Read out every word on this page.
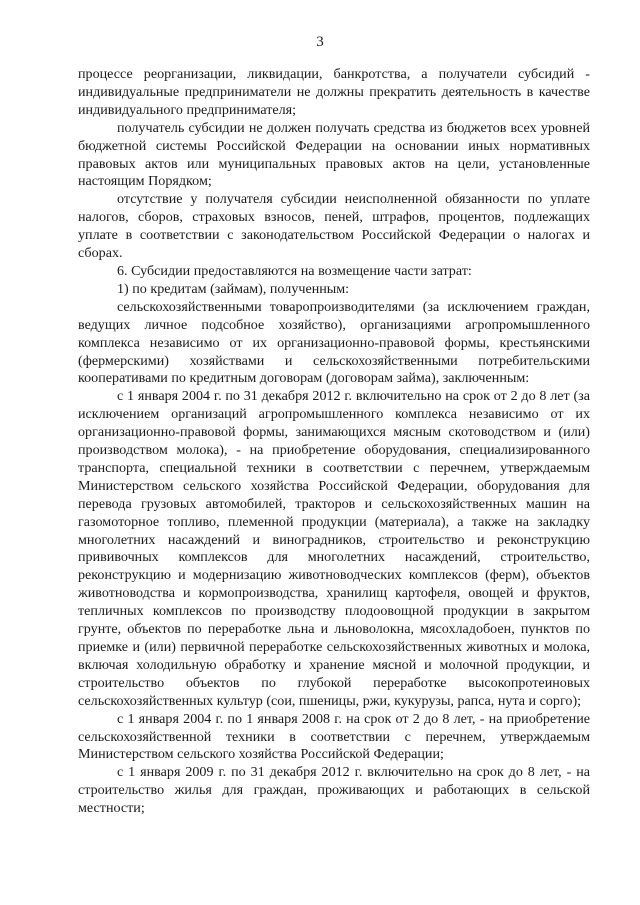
3

процессе реорганизации, ликвидации, банкротства, а получатели субсидий - индивидуальные предприниматели не должны прекратить деятельность в качестве индивидуального предпринимателя;

получатель субсидии не должен получать средства из бюджетов всех уровней бюджетной системы Российской Федерации на основании иных нормативных правовых актов или муниципальных правовых актов на цели, установленные настоящим Порядком;

отсутствие у получателя субсидии неисполненной обязанности по уплате налогов, сборов, страховых взносов, пеней, штрафов, процентов, подлежащих уплате в соответствии с законодательством Российской Федерации о налогах и сборах.

6. Субсидии предоставляются на возмещение части затрат:

1) по кредитам (займам), полученным:

сельскохозяйственными товаропроизводителями (за исключением граждан, ведущих личное подсобное хозяйство), организациями агропромышленного комплекса независимо от их организационно-правовой формы, крестьянскими (фермерскими) хозяйствами и сельскохозяйственными потребительскими кооперативами по кредитным договорам (договорам займа), заключенным:

с 1 января 2004 г. по 31 декабря 2012 г. включительно на срок от 2 до 8 лет (за исключением организаций агропромышленного комплекса независимо от их организационно-правовой формы, занимающихся мясным скотоводством и (или) производством молока), - на приобретение оборудования, специализированного транспорта, специальной техники в соответствии с перечнем, утверждаемым Министерством сельского хозяйства Российской Федерации, оборудования для перевода грузовых автомобилей, тракторов и сельскохозяйственных машин на газомоторное топливо, племенной продукции (материала), а также на закладку многолетних насаждений и виноградников, строительство и реконструкцию прививочных комплексов для многолетних насаждений, строительство, реконструкцию и модернизацию животноводческих комплексов (ферм), объектов животноводства и кормопроизводства, хранилищ картофеля, овощей и фруктов, тепличных комплексов по производству плодоовощной продукции в закрытом грунте, объектов по переработке льна и льноволокна, мясохладобоен, пунктов по приемке и (или) первичной переработке сельскохозяйственных животных и молока, включая холодильную обработку и хранение мясной и молочной продукции, и строительство объектов по глубокой переработке высокопротеиновых сельскохозяйственных культур (сои, пшеницы, ржи, кукурузы, рапса, нута и сорго);

с 1 января 2004 г. по 1 января 2008 г. на срок от 2 до 8 лет, - на приобретение сельскохозяйственной техники в соответствии с перечнем, утверждаемым Министерством сельского хозяйства Российской Федерации;

с 1 января 2009 г. по 31 декабря 2012 г. включительно на срок до 8 лет, - на строительство жилья для граждан, проживающих и работающих в сельской местности;
